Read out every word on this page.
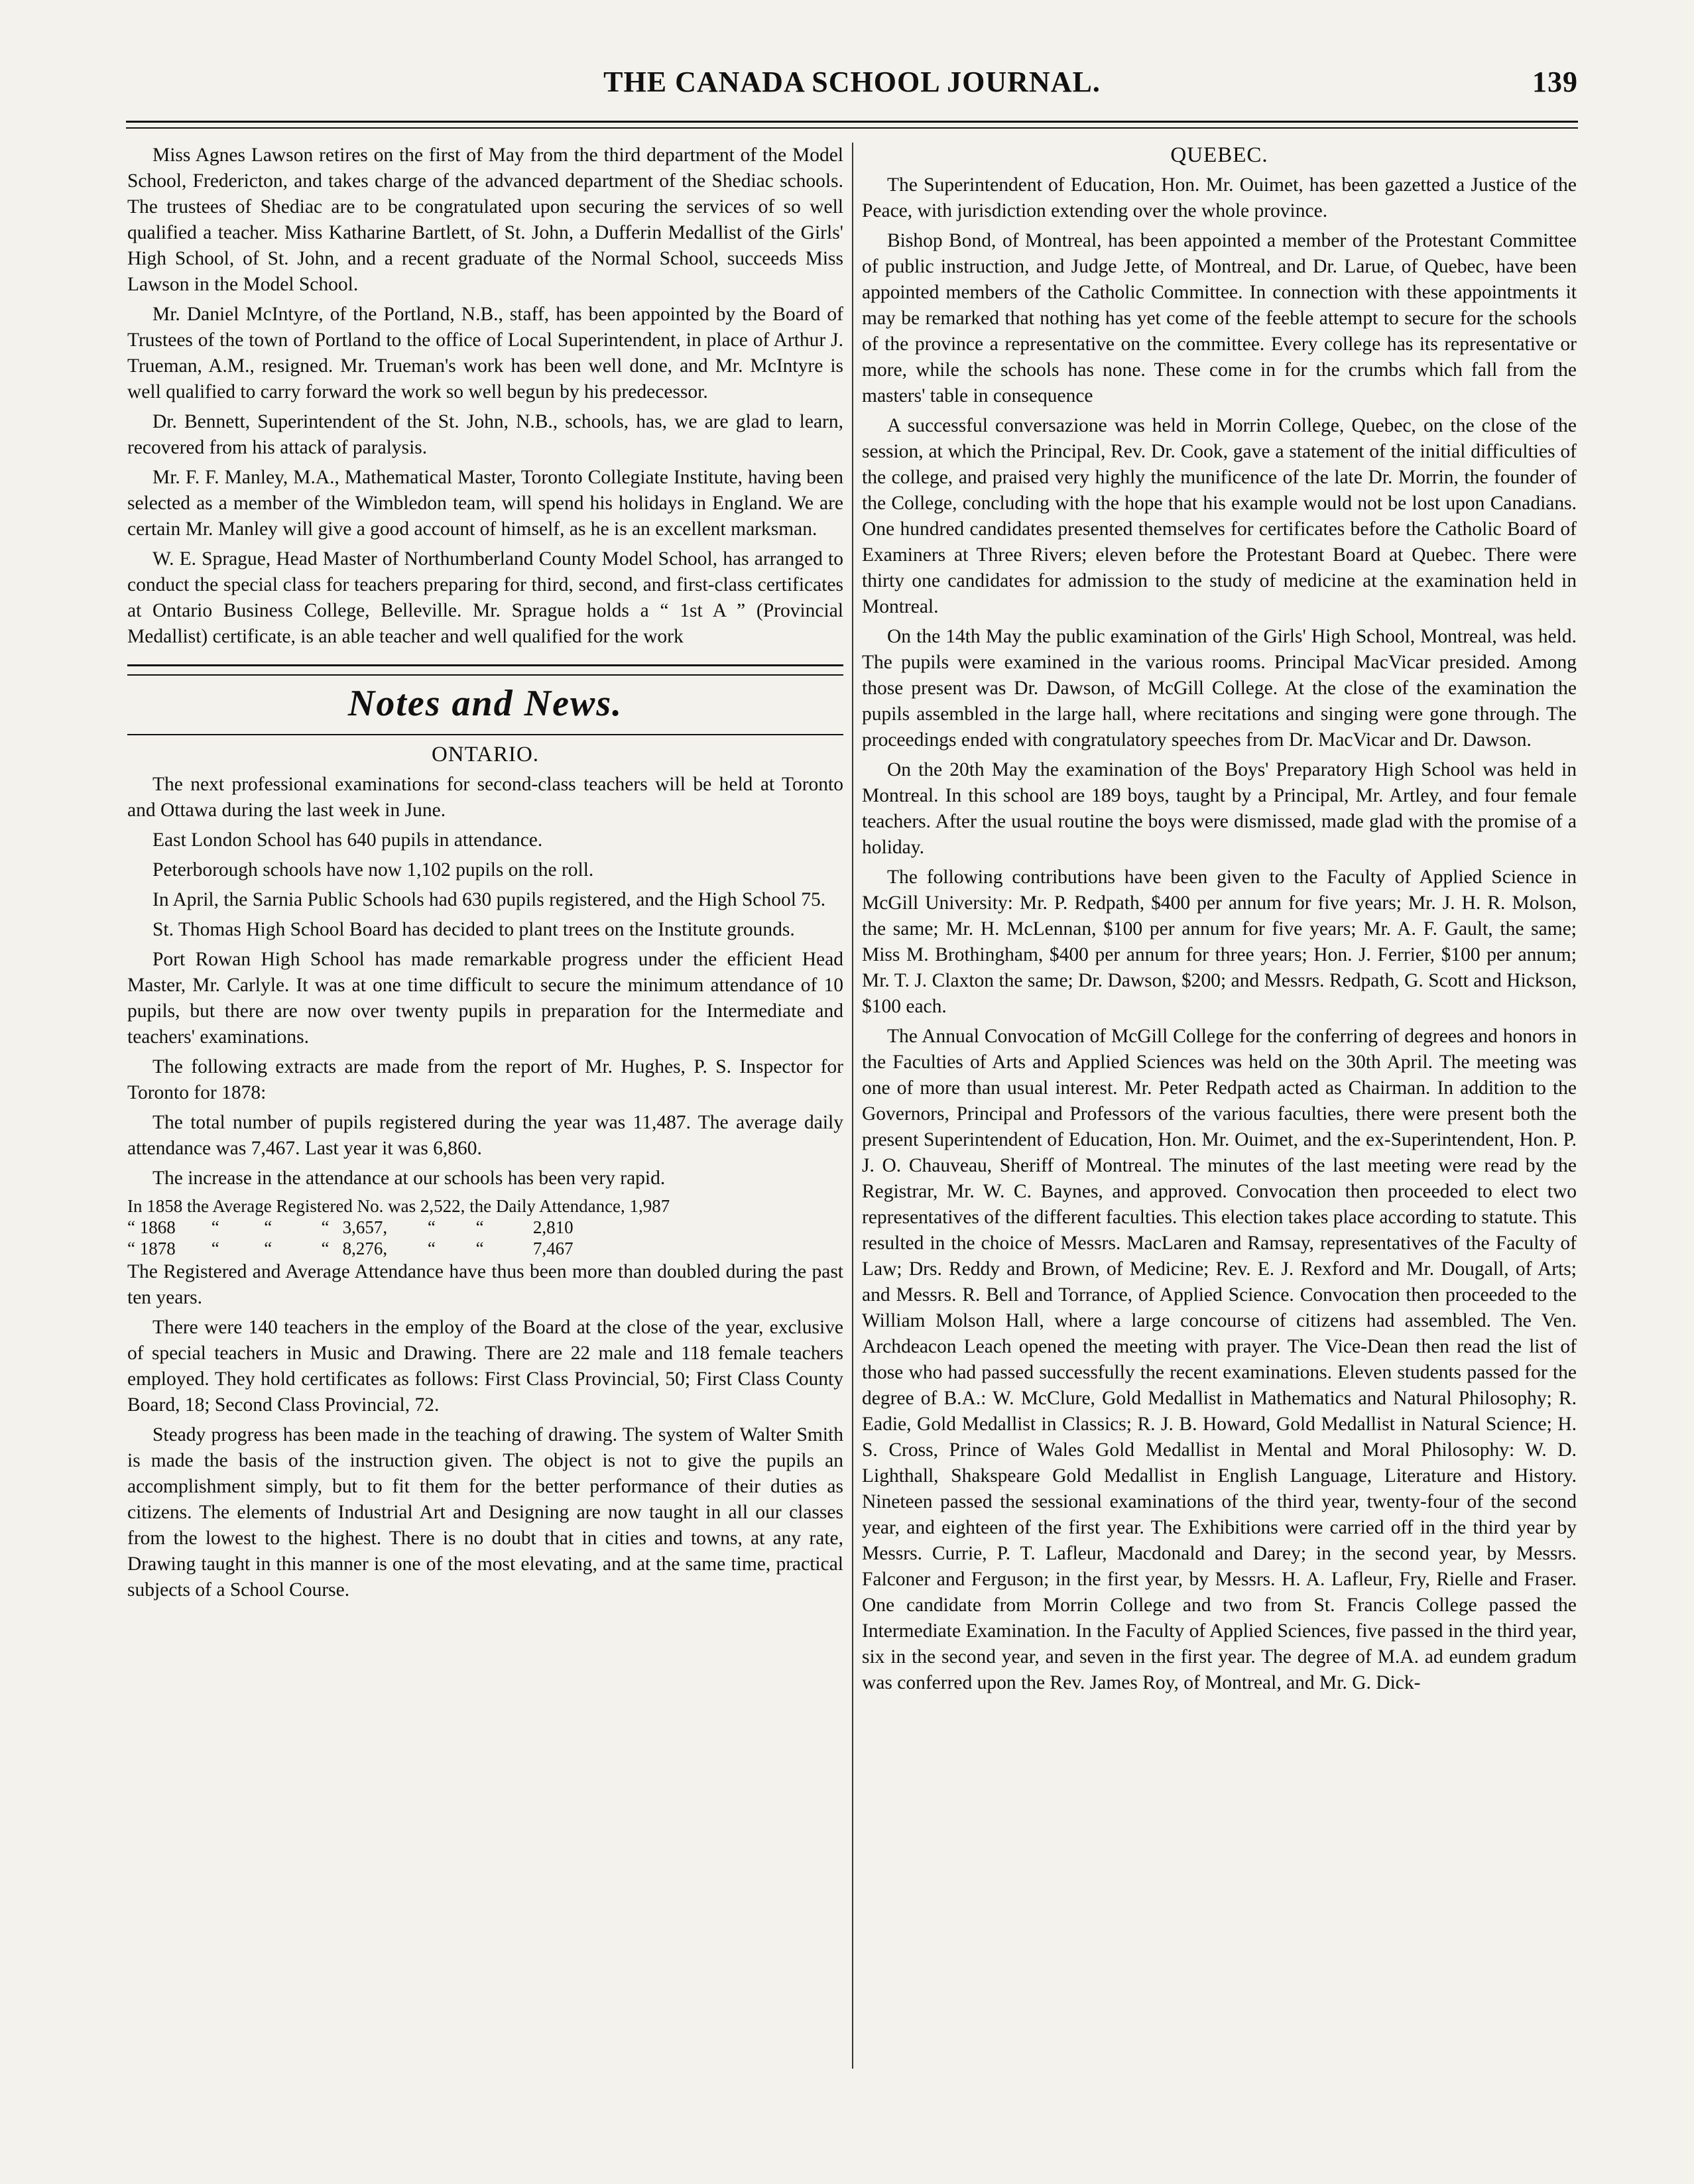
THE CANADA SCHOOL JOURNAL.	139

Miss Agnes Lawson retires on the first of May from the third department of the Model School, Fredericton, and takes charge of the advanced department of the Shediac schools. The trustees of Shediac are to be congratulated upon securing the services of so well qualified a teacher. Miss Katharine Bartlett, of St. John, a Dufferin Medallist of the Girls' High School, of St. John, and a recent graduate of the Normal School, succeeds Miss Lawson in the Model School.

Mr. Daniel McIntyre, of the Portland, N.B., staff, has been appointed by the Board of Trustees of the town of Portland to the office of Local Superintendent, in place of Arthur J. Trueman, A.M., resigned. Mr. Trueman's work has been well done, and Mr. McIntyre is well qualified to carry forward the work so well begun by his predecessor.

Dr. Bennett, Superintendent of the St. John, N.B., schools, has, we are glad to learn, recovered from his attack of paralysis.

Mr. F. F. Manley, M.A., Mathematical Master, Toronto Collegiate Institute, having been selected as a member of the Wimbledon team, will spend his holidays in England. We are certain Mr. Manley will give a good account of himself, as he is an excellent marksman.

W. E. Sprague, Head Master of Northumberland County Model School, has arranged to conduct the special class for teachers preparing for third, second, and first-class certificates at Ontario Business College, Belleville. Mr. Sprague holds a “ 1st A ” (Provincial Medallist) certificate, is an able teacher and well qualified for the work

Notes and News.
ONTARIO.

The next professional examinations for second-class teachers will be held at Toronto and Ottawa during the last week in June.

East London School has 640 pupils in attendance.

Peterborough schools have now 1,102 pupils on the roll.

In April, the Sarnia Public Schools had 630 pupils registered, and the High School 75.

St. Thomas High School Board has decided to plant trees on the Institute grounds.

Port Rowan High School has made remarkable progress under the efficient Head Master, Mr. Carlyle. It was at one time difficult to secure the minimum attendance of 10 pupils, but there are now over twenty pupils in preparation for the Intermediate and teachers' examinations.

The following extracts are made from the report of Mr. Hughes, P. S. Inspector for Toronto for 1878:

The total number of pupils registered during the year was 11,487. The average daily attendance was 7,467. Last year it was 6,860.

The increase in the attendance at our schools has been very rapid.

In 1858 the Average Registered No. was 2,522, the Daily Attendance, 1,987
“ 1868        “          “           “   3,657,         “         “           2,810
“ 1878        “          “           “   8,276,         “         “           7,467

The Registered and Average Attendance have thus been more than doubled during the past ten years.

There were 140 teachers in the employ of the Board at the close of the year, exclusive of special teachers in Music and Drawing. There are 22 male and 118 female teachers employed. They hold certificates as follows: First Class Provincial, 50; First Class County Board, 18; Second Class Provincial, 72.

Steady progress has been made in the teaching of drawing. The system of Walter Smith is made the basis of the instruction given. The object is not to give the pupils an accomplishment simply, but to fit them for the better performance of their duties as citizens. The elements of Industrial Art and Designing are now taught in all our classes from the lowest to the highest. There is no doubt that in cities and towns, at any rate, Drawing taught in this manner is one of the most elevating, and at the same time, practical subjects of a School Course.

QUEBEC.

The Superintendent of Education, Hon. Mr. Ouimet, has been gazetted a Justice of the Peace, with jurisdiction extending over the whole province.

Bishop Bond, of Montreal, has been appointed a member of the Protestant Committee of public instruction, and Judge Jette, of Montreal, and Dr. Larue, of Quebec, have been appointed members of the Catholic Committee. In connection with these appointments it may be remarked that nothing has yet come of the feeble attempt to secure for the schools of the province a representative on the committee. Every college has its representative or more, while the schools has none. These come in for the crumbs which fall from the masters' table in consequence

A successful conversazione was held in Morrin College, Quebec, on the close of the session, at which the Principal, Rev. Dr. Cook, gave a statement of the initial difficulties of the college, and praised very highly the munificence of the late Dr. Morrin, the founder of the College, concluding with the hope that his example would not be lost upon Canadians. One hundred candidates presented themselves for certificates before the Catholic Board of Examiners at Three Rivers; eleven before the Protestant Board at Quebec. There were thirty one candidates for admission to the study of medicine at the examination held in Montreal.

On the 14th May the public examination of the Girls' High School, Montreal, was held. The pupils were examined in the various rooms. Principal MacVicar presided. Among those present was Dr. Dawson, of McGill College. At the close of the examination the pupils assembled in the large hall, where recitations and singing were gone through. The proceedings ended with congratulatory speeches from Dr. MacVicar and Dr. Dawson.

On the 20th May the examination of the Boys' Preparatory High School was held in Montreal. In this school are 189 boys, taught by a Principal, Mr. Artley, and four female teachers. After the usual routine the boys were dismissed, made glad with the promise of a holiday.

The following contributions have been given to the Faculty of Applied Science in McGill University: Mr. P. Redpath, $400 per annum for five years; Mr. J. H. R. Molson, the same; Mr. H. McLennan, $100 per annum for five years; Mr. A. F. Gault, the same; Miss M. Brothingham, $400 per annum for three years; Hon. J. Ferrier, $100 per annum; Mr. T. J. Claxton the same; Dr. Dawson, $200; and Messrs. Redpath, G. Scott and Hickson, $100 each.

The Annual Convocation of McGill College for the conferring of degrees and honors in the Faculties of Arts and Applied Sciences was held on the 30th April. The meeting was one of more than usual interest. Mr. Peter Redpath acted as Chairman. In addition to the Governors, Principal and Professors of the various faculties, there were present both the present Superintendent of Education, Hon. Mr. Ouimet, and the ex-Superintendent, Hon. P. J. O. Chauveau, Sheriff of Montreal. The minutes of the last meeting were read by the Registrar, Mr. W. C. Baynes, and approved. Convocation then proceeded to elect two representatives of the different faculties. This election takes place according to statute. This resulted in the choice of Messrs. MacLaren and Ramsay, representatives of the Faculty of Law; Drs. Reddy and Brown, of Medicine; Rev. E. J. Rexford and Mr. Dougall, of Arts; and Messrs. R. Bell and Torrance, of Applied Science. Convocation then proceeded to the William Molson Hall, where a large concourse of citizens had assembled. The Ven. Archdeacon Leach opened the meeting with prayer. The Vice-Dean then read the list of those who had passed successfully the recent examinations. Eleven students passed for the degree of B.A.: W. McClure, Gold Medallist in Mathematics and Natural Philosophy; R. Eadie, Gold Medallist in Classics; R. J. B. Howard, Gold Medallist in Natural Science; H. S. Cross, Prince of Wales Gold Medallist in Mental and Moral Philosophy: W. D. Lighthall, Shakspeare Gold Medallist in English Language, Literature and History. Nineteen passed the sessional examinations of the third year, twenty-four of the second year, and eighteen of the first year. The Exhibitions were carried off in the third year by Messrs. Currie, P. T. Lafleur, Macdonald and Darey; in the second year, by Messrs. Falconer and Ferguson; in the first year, by Messrs. H. A. Lafleur, Fry, Rielle and Fraser. One candidate from Morrin College and two from St. Francis College passed the Intermediate Examination. In the Faculty of Applied Sciences, five passed in the third year, six in the second year, and seven in the first year. The degree of M.A. ad eundem gradum was conferred upon the Rev. James Roy, of Montreal, and Mr. G. Dick-
